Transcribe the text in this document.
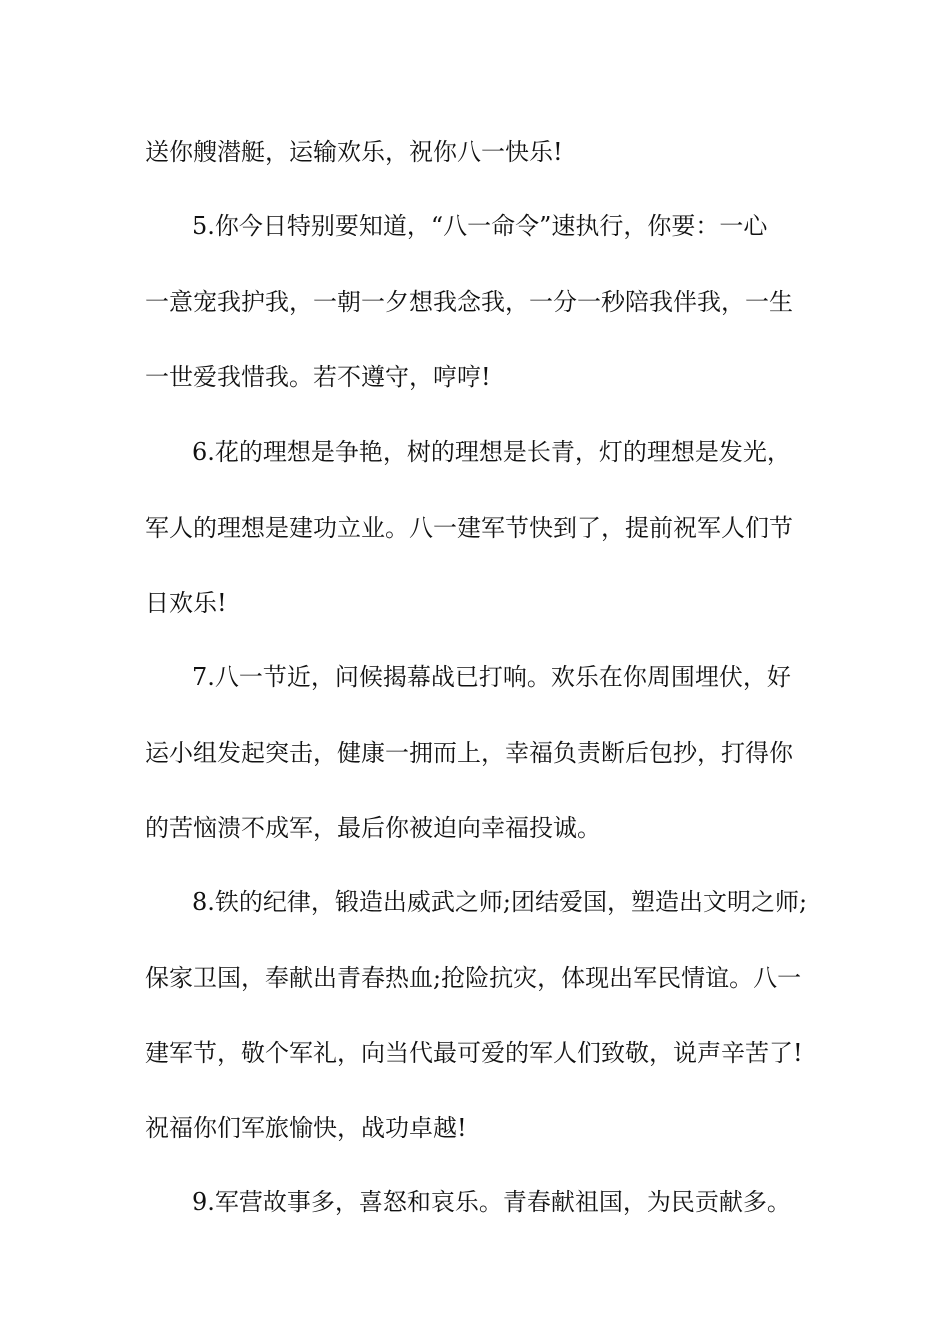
送你艘潜艇，运输欢乐，祝你八一快乐!
5.你今日特别要知道，“八一命令”速执行，你要：一心
一意宠我护我，一朝一夕想我念我，一分一秒陪我伴我，一生
一世爱我惜我。若不遵守，哼哼!
6.花的理想是争艳，树的理想是长青，灯的理想是发光，
军人的理想是建功立业。八一建军节快到了，提前祝军人们节
日欢乐!
7.八一节近，问候揭幕战已打响。欢乐在你周围埋伏，好
运小组发起突击，健康一拥而上，幸福负责断后包抄，打得你
的苦恼溃不成军，最后你被迫向幸福投诚。
8.铁的纪律，锻造出威武之师;团结爱国，塑造出文明之师;
保家卫国，奉献出青春热血;抢险抗灾，体现出军民情谊。八一
建军节，敬个军礼，向当代最可爱的军人们致敬，说声辛苦了!
祝福你们军旅愉快，战功卓越!
9.军营故事多，喜怒和哀乐。青春献祖国，为民贡献多。
